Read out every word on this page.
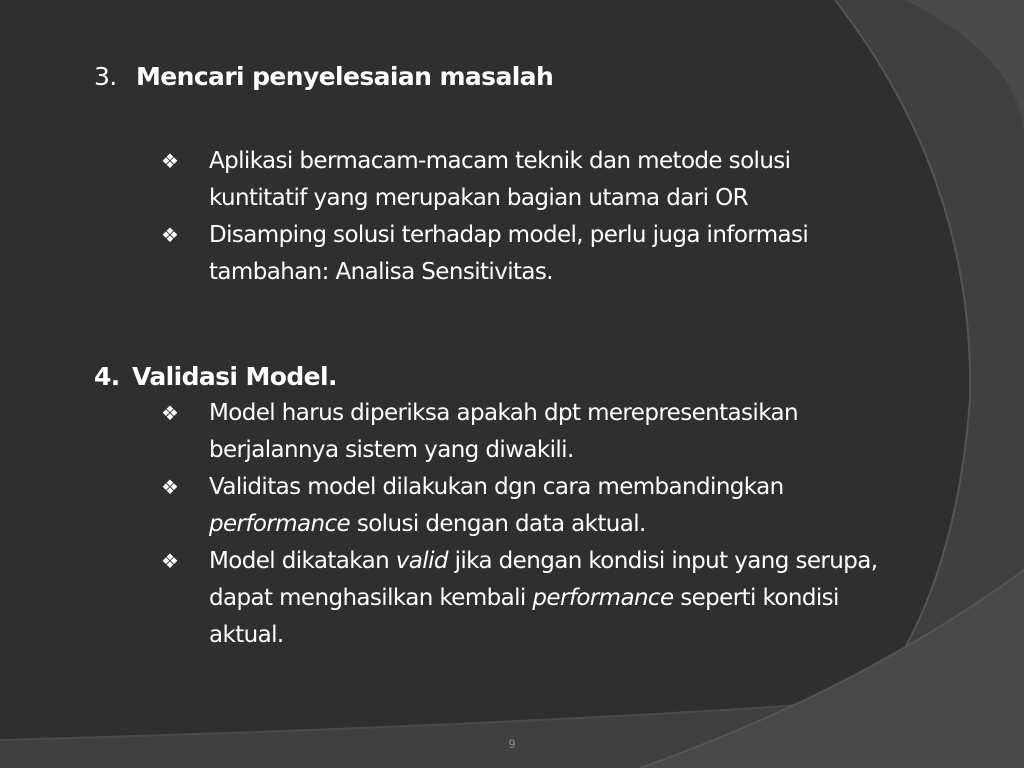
3. Mencari penyelesaian masalah
❖ Aplikasi bermacam-macam teknik dan metode solusi
kuntitatif yang merupakan bagian utama dari OR
❖ Disamping solusi terhadap model, perlu juga informasi
tambahan: Analisa Sensitivitas.
4. Validasi Model.
❖ Model harus diperiksa apakah dpt merepresentasikan
berjalannya sistem yang diwakili.
❖ Validitas model dilakukan dgn cara membandingkan
performance solusi dengan data aktual.
❖ Model dikatakan valid jika dengan kondisi input yang serupa,
dapat menghasilkan kembali performance seperti kondisi
aktual.
9
